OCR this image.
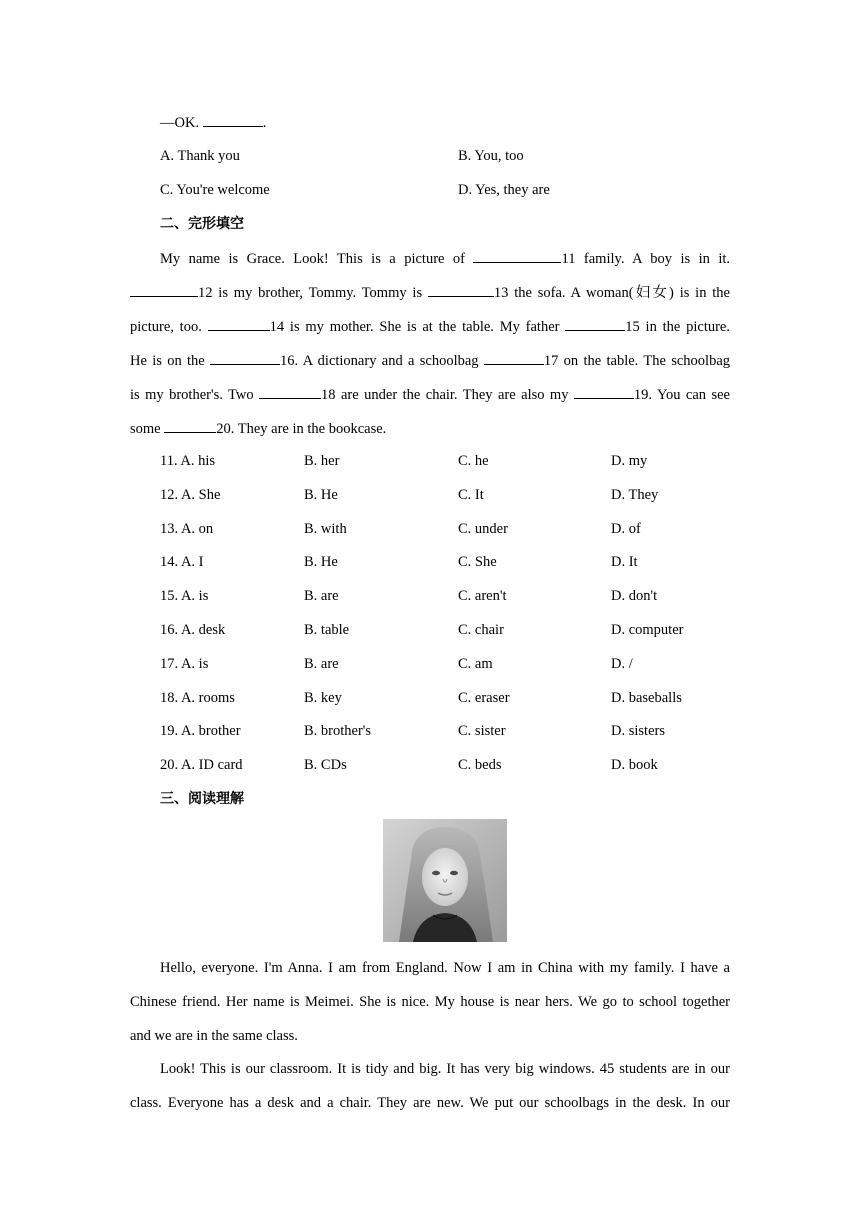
—OK.	.
A. Thank you	B. You, too
C. You're welcome	D. Yes, they are
二、完形填空
My name is Grace. Look! This is a picture of	11 family. A boy is in it.
12 is my brother, Tommy. Tommy is	13 the sofa. A woman(妇女) is in the
picture, too.	14 is my mother. She is at the table. My father	15 in the picture.
He is on the	16. A dictionary and a schoolbag	17 on the table. The schoolbag
is my brother's. Two	18 are under the chair. They are also my	19. You can see
some	20. They are in the bookcase.
11. A. his	B. her	C. he	D. my
12. A. She	B. He	C. It	D. They
13. A. on	B. with	C. under	D. of
14. A. I	B. He	C. She	D. It
15. A. is	B. are	C. aren't	D. don't
16. A. desk	B. table	C. chair	D. computer
17. A. is	B. are	C. am	D. /
18. A. rooms	B. key	C. eraser	D. baseballs
19. A. brother	B. brother's	C. sister	D. sisters
20. A. ID card	B. CDs	C. beds	D. book
三、阅读理解
Hello, everyone. I'm Anna. I am from England. Now I am in China with my family. I have a
Chinese friend. Her name is Meimei. She is nice. My house is near hers. We go to school together
and we are in the same class.
Look! This is our classroom. It is tidy and big. It has very big windows. 45 students are in our
class. Everyone has a desk and a chair. They are new. We put our schoolbags in the desk. In our
